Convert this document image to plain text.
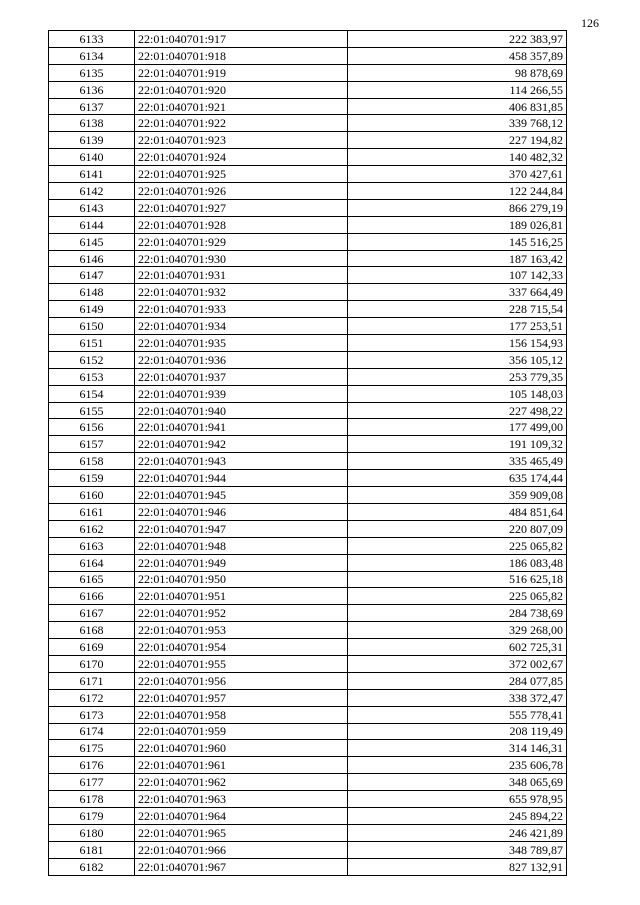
126
6133	22:01:040701:917	222 383,97
6134	22:01:040701:918	458 357,89
6135	22:01:040701:919	98 878,69
6136	22:01:040701:920	114 266,55
6137	22:01:040701:921	406 831,85
6138	22:01:040701:922	339 768,12
6139	22:01:040701:923	227 194,82
6140	22:01:040701:924	140 482,32
6141	22:01:040701:925	370 427,61
6142	22:01:040701:926	122 244,84
6143	22:01:040701:927	866 279,19
6144	22:01:040701:928	189 026,81
6145	22:01:040701:929	145 516,25
6146	22:01:040701:930	187 163,42
6147	22:01:040701:931	107 142,33
6148	22:01:040701:932	337 664,49
6149	22:01:040701:933	228 715,54
6150	22:01:040701:934	177 253,51
6151	22:01:040701:935	156 154,93
6152	22:01:040701:936	356 105,12
6153	22:01:040701:937	253 779,35
6154	22:01:040701:939	105 148,03
6155	22:01:040701:940	227 498,22
6156	22:01:040701:941	177 499,00
6157	22:01:040701:942	191 109,32
6158	22:01:040701:943	335 465,49
6159	22:01:040701:944	635 174,44
6160	22:01:040701:945	359 909,08
6161	22:01:040701:946	484 851,64
6162	22:01:040701:947	220 807,09
6163	22:01:040701:948	225 065,82
6164	22:01:040701:949	186 083,48
6165	22:01:040701:950	516 625,18
6166	22:01:040701:951	225 065,82
6167	22:01:040701:952	284 738,69
6168	22:01:040701:953	329 268,00
6169	22:01:040701:954	602 725,31
6170	22:01:040701:955	372 002,67
6171	22:01:040701:956	284 077,85
6172	22:01:040701:957	338 372,47
6173	22:01:040701:958	555 778,41
6174	22:01:040701:959	208 119,49
6175	22:01:040701:960	314 146,31
6176	22:01:040701:961	235 606,78
6177	22:01:040701:962	348 065,69
6178	22:01:040701:963	655 978,95
6179	22:01:040701:964	245 894,22
6180	22:01:040701:965	246 421,89
6181	22:01:040701:966	348 789,87
6182	22:01:040701:967	827 132,91
